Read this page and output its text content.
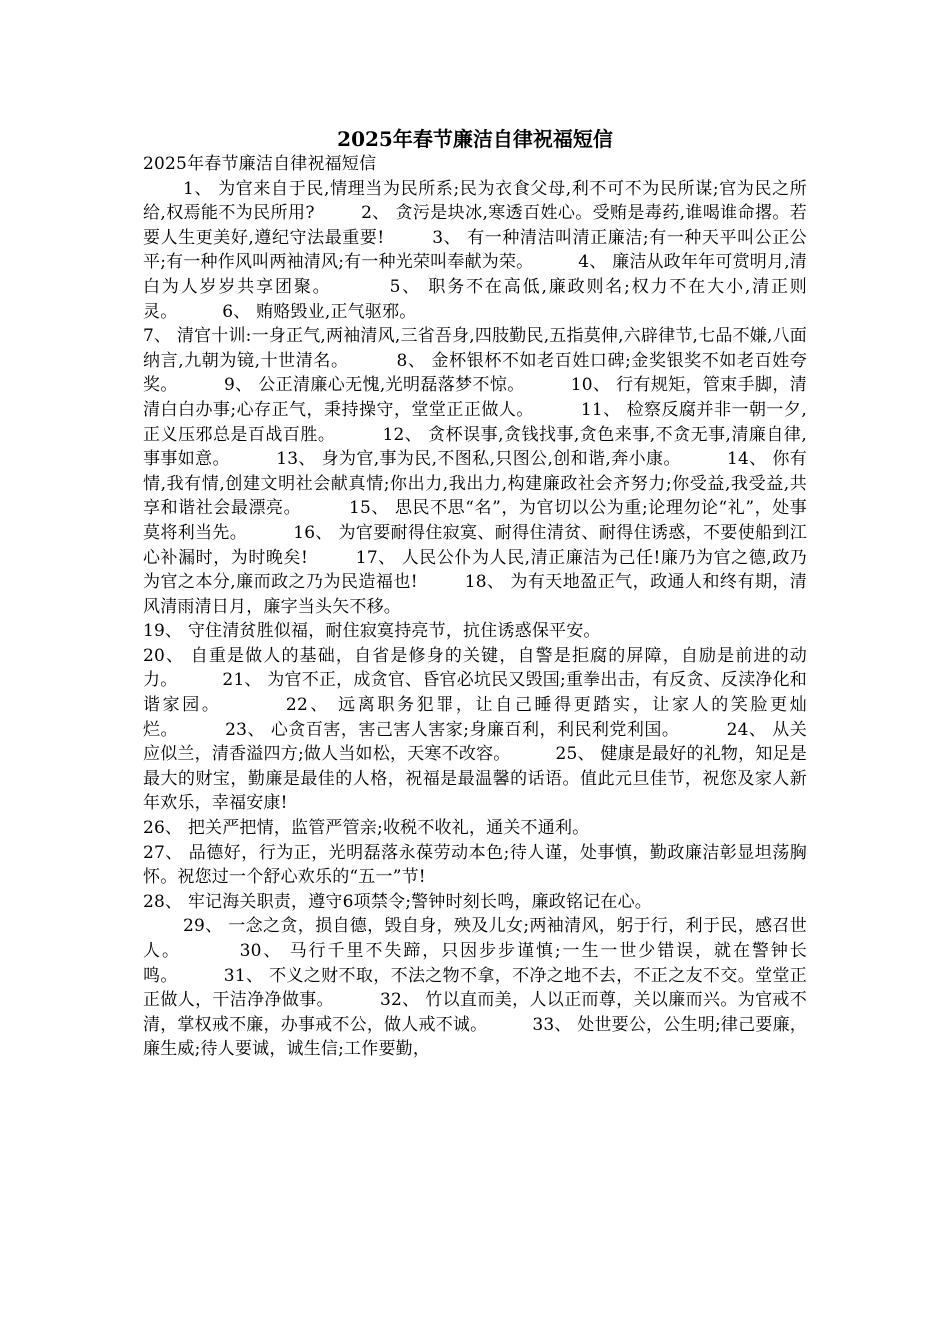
2025年春节廉洁自律祝福短信
2025年春节廉洁自律祝福短信
1、 为官来自于民,情理当为民所系;民为衣食父母,利不可不为民所谋;官为民之所给,权焉能不为民所用?	2、 贪污是块冰,寒透百姓心。受贿是毒药,谁喝谁命撂。若要人生更美好,遵纪守法最重要!	3、 有一种清洁叫清正廉洁;有一种天平叫公正公平;有一种作风叫两袖清风;有一种光荣叫奉献为荣。	4、 廉洁从政年年可赏明月,清白为人岁岁共享团聚。	5、 职务不在高低,廉政则名;权力不在大小,清正则灵。	6、 贿赂毁业,正气驱邪。
7、 清官十训:一身正气,两袖清风,三省吾身,四肢勤民,五指莫伸,六辟律节,七品不嫌,八面纳言,九朝为镜,十世清名。	8、 金杯银杯不如老百姓口碑;金奖银奖不如老百姓夸奖。	9、 公正清廉心无愧,光明磊落梦不惊。	10、 行有规矩，管束手脚，清清白白办事;心存正气，秉持操守，堂堂正正做人。	11、 检察反腐并非一朝一夕,正义压邪总是百战百胜。	12、 贪杯误事,贪钱找事,贪色来事,不贪无事,清廉自律,事事如意。	13、 身为官,事为民,不图私,只图公,创和谐,奔小康。	14、 你有情,我有情,创建文明社会献真情;你出力,我出力,构建廉政社会齐努力;你受益,我受益,共享和谐社会最漂亮。	15、 思民不思“名”，为官切以公为重;论理勿论“礼”，处事莫将利当先。	16、 为官要耐得住寂寞、耐得住清贫、耐得住诱惑，不要使船到江心补漏时，为时晚矣!	17、 人民公仆为人民,清正廉洁为己任!廉乃为官之德,政乃为官之本分,廉而政之乃为民造福也!	18、 为有天地盈正气，政通人和终有期，清风清雨清日月，廉字当头矢不移。
19、 守住清贫胜似福，耐住寂寞持亮节，抗住诱惑保平安。
20、 自重是做人的基础，自省是修身的关键，自警是拒腐的屏障，自励是前进的动力。	21、 为官不正，成贪官、昏官必坑民又毁国;重拳出击，有反贪、反渎净化和谐家园。	22、 远离职务犯罪，让自己睡得更踏实，让家人的笑脸更灿烂。	23、 心贪百害，害己害人害家;身廉百利，利民利党利国。	24、 从关应似兰，清香溢四方;做人当如松，天寒不改容。	25、 健康是最好的礼物，知足是最大的财宝，勤廉是最佳的人格，祝福是最温馨的话语。值此元旦佳节，祝您及家人新年欢乐，幸福安康!
26、 把关严把情，监管严管亲;收税不收礼，通关不通利。
27、 品德好，行为正，光明磊落永葆劳动本色;待人谨，处事慎，勤政廉洁彰显坦荡胸怀。祝您过一个舒心欢乐的“五一”节!
28、 牢记海关职责，遵守6项禁令;警钟时刻长鸣，廉政铭记在心。
29、 一念之贪，损自德，毁自身，殃及儿女;两袖清风，躬于行，利于民，感召世人。	30、 马行千里不失蹄，只因步步谨慎;一生一世少错误，就在警钟长鸣。	31、 不义之财不取，不法之物不拿，不净之地不去，不正之友不交。堂堂正正做人，干洁净净做事。	32、 竹以直而美，人以正而尊，关以廉而兴。为官戒不清，掌权戒不廉，办事戒不公，做人戒不诚。	33、 处世要公，公生明;律己要廉，廉生威;待人要诚，诚生信;工作要勤，
